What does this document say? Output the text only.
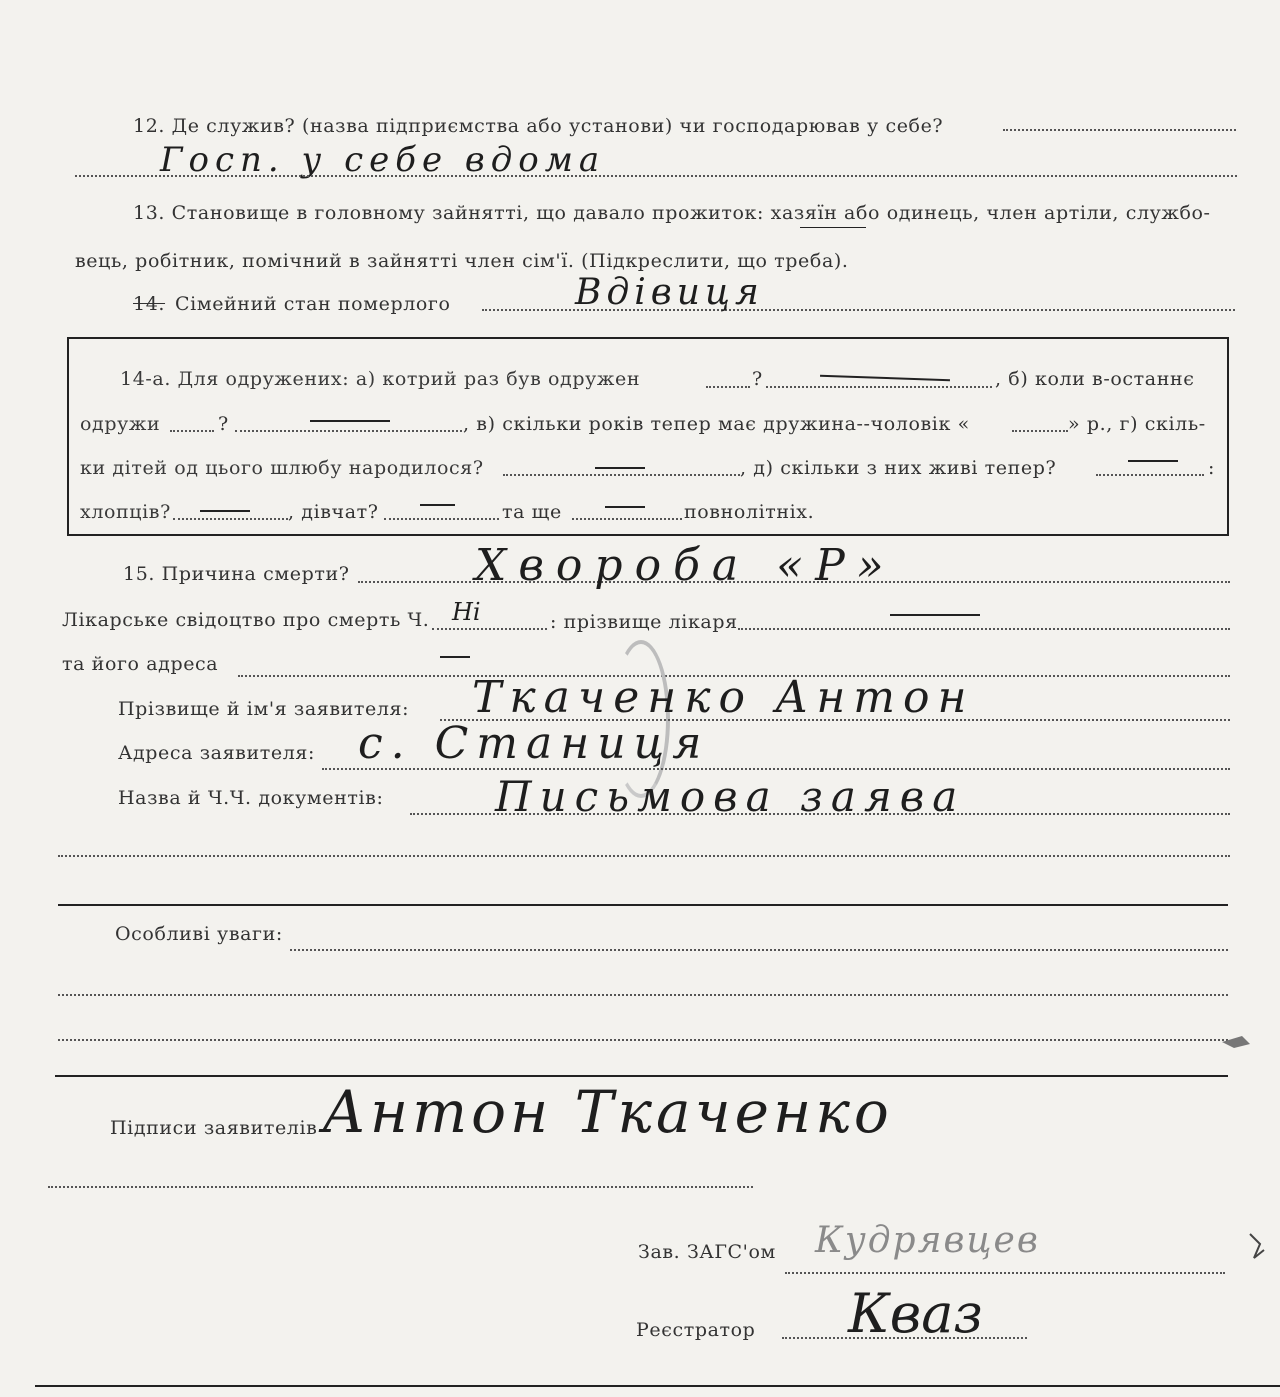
12. Де служив? (назва підприємства або установи) чи господарював у себе?
Госп. у себе вдома
13. Становище в головному зайнятті, що давало прожиток: хазяїн або одинець, член артіли, службо-
вець, робітник, помічний в зайнятті член сім'ї. (Підкреслити, що треба).
14. Сімейний стан померлого	Вдівиця
14-а. Для одружених: а) котрий раз був одружен	?	, б) коли в-останнє
одружи	?	, в) скільки років тепер має дружина--чоловік «	» р., г) скіль-
ки дітей од цього шлюбу народилося?	, д) скільки з них живі тепер?	:
хлопців?	, дівчат?	та ще	повнолітніх.
15. Причина смерти?	Хвороба «Р»
Лікарське свідоцтво про смерть Ч. Ні	: прізвище лікаря
та його адреса
Прізвище й ім'я заявителя: Ткаченко Антон
Адреса заявителя: с. Станиця
Назва й Ч.Ч. документів:	Письмова заява
Особливі уваги:
Підписи заявителів Антон Ткаченко
Зав. ЗАГС'ом Кудрявцев
Реєстратор Кваз
